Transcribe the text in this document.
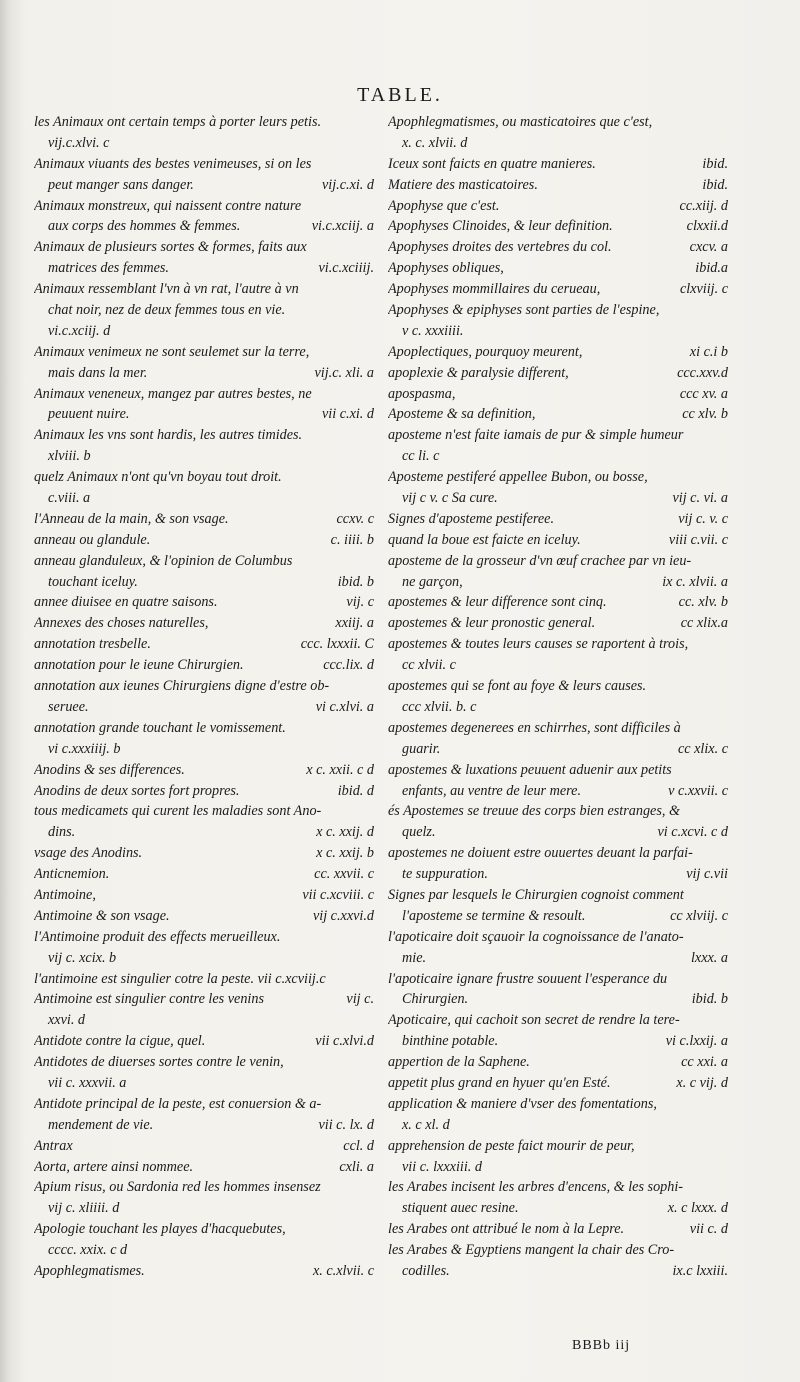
TABLE.
les Animaux ont certain temps à porter leurs petis.
vij.c.xlvi. c
Animaux viuants des bestes venimeuses, si on les
peut manger sans danger.	vij.c.xi. d
Animaux monstreux, qui naissent contre nature
aux corps des hommes & femmes.	vi.c.xciij. a
Animaux de plusieurs sortes & formes, faits aux
matrices des femmes.	vi.c.xciiij.
Animaux ressemblant l'vn à vn rat, l'autre à vn
chat noir, nez de deux femmes tous en vie.
vi.c.xciij. d
Animaux venimeux ne sont seulemet sur la terre,
mais dans la mer.	vij.c. xli. a
Animaux veneneux, mangez par autres bestes, ne
peuuent nuire.	vii c.xi. d
Animaux les vns sont hardis, les autres timides.
xlviii. b
quelz Animaux n'ont qu'vn boyau tout droit.
c.viii. a
l'Anneau de la main, & son vsage.	ccxv. c
anneau ou glandule.	c. iiii. b
anneau glanduleux, & l'opinion de Columbus
touchant iceluy.	ibid. b
annee diuisee en quatre saisons.	vij. c
Annexes des choses naturelles,	xxiij. a
annotation tresbelle.	ccc. lxxxii. C
annotation pour le ieune Chirurgien.	ccc.lix. d
annotation aux ieunes Chirurgiens digne d'estre ob-
seruee.	vi c.xlvi. a
annotation grande touchant le vomissement.
vi c.xxxiiij. b
Anodins & ses differences.	x c. xxii. c d
Anodins de deux sortes fort propres.	ibid. d
tous medicamets qui curent les maladies sont Ano-
dins.	x c. xxij. d
vsage des Anodins.	x c. xxij. b
Anticnemion.	cc. xxvii. c
Antimoine,	vii c.xcviii. c
Antimoine & son vsage.	vij c.xxvi.d
l'Antimoine produit des effects merueilleux.
vij c. xcix. b
l'antimoine est singulier cotre la peste. vii c.xcviij.c
Antimoine est singulier contre les venins	vij c.
xxvi. d
Antidote contre la cigue, quel.	vii c.xlvi.d
Antidotes de diuerses sortes contre le venin,
vii c. xxxvii. a
Antidote principal de la peste, est conuersion & a-
mendement de vie.	vii c. lx. d
Antrax	ccl. d
Aorta, artere ainsi nommee.	cxli. a
Apium risus, ou Sardonia red les hommes insensez
vij c. xliiii. d
Apologie touchant les playes d'hacquebutes,
cccc. xxix. c d
Apophlegmatismes.	x. c.xlvii. c
Apophlegmatismes, ou masticatoires que c'est,
x. c. xlvii. d
Iceux sont faicts en quatre manieres.	ibid.
Matiere des masticatoires.	ibid.
Apophyse que c'est.	cc.xiij. d
Apophyses Clinoides, & leur definition.	clxxii.d
Apophyses droites des vertebres du col.	cxcv. a
Apophyses obliques,	ibid.a
Apophyses mommillaires du cerueau,	clxviij. c
Apophyses & epiphyses sont parties de l'espine,
v c. xxxiiii.
Apoplectiques, pourquoy meurent,	xi c.i b
apoplexie & paralysie different,	ccc.xxv.d
apospasma,	ccc xv. a
Aposteme & sa definition,	cc xlv. b
aposteme n'est faite iamais de pur & simple humeur
cc li. c
Aposteme pestiferé appellee Bubon, ou bosse,
vij c v. c Sa cure.	vij c. vi. a
Signes d'aposteme pestiferee.	vij c. v. c
quand la boue est faicte en iceluy.	viii c.vii. c
aposteme de la grosseur d'vn œuf crachee par vn ieu-
ne garçon,	ix c. xlvii. a
apostemes & leur difference sont cinq.	cc. xlv. b
apostemes & leur pronostic general.	cc xlix.a
apostemes & toutes leurs causes se raportent à trois,
cc xlvii. c
apostemes qui se font au foye & leurs causes.
ccc xlvii. b. c
apostemes degenerees en schirrhes, sont difficiles à
guarir.	cc xlix. c
apostemes & luxations peuuent aduenir aux petits
enfants, au ventre de leur mere.	v c.xxvii. c
és Apostemes se treuue des corps bien estranges, &
quelz.	vi c.xcvi. c d
apostemes ne doiuent estre ouuertes deuant la parfai-
te suppuration.	vij c.vii
Signes par lesquels le Chirurgien cognoist comment
l'aposteme se termine & resoult.	cc xlviij. c
l'apoticaire doit sçauoir la cognoissance de l'anato-
mie.	lxxx. a
l'apoticaire ignare frustre souuent l'esperance du
Chirurgien.	ibid. b
Apoticaire, qui cachoit son secret de rendre la tere-
binthine potable.	vi c.lxxij. a
appertion de la Saphene.	cc xxi. a
appetit plus grand en hyuer qu'en Esté.	x. c vij. d
application & maniere d'vser des fomentations,
x. c xl. d
apprehension de peste faict mourir de peur,
vii c. lxxxiii. d
les Arabes incisent les arbres d'encens, & les sophi-
stiquent auec resine.	x. c lxxx. d
les Arabes ont attribué le nom à la Lepre.	vii c. d
les Arabes & Egyptiens mangent la chair des Cro-
codilles.	ix.c lxxiii.
BBBb iij
